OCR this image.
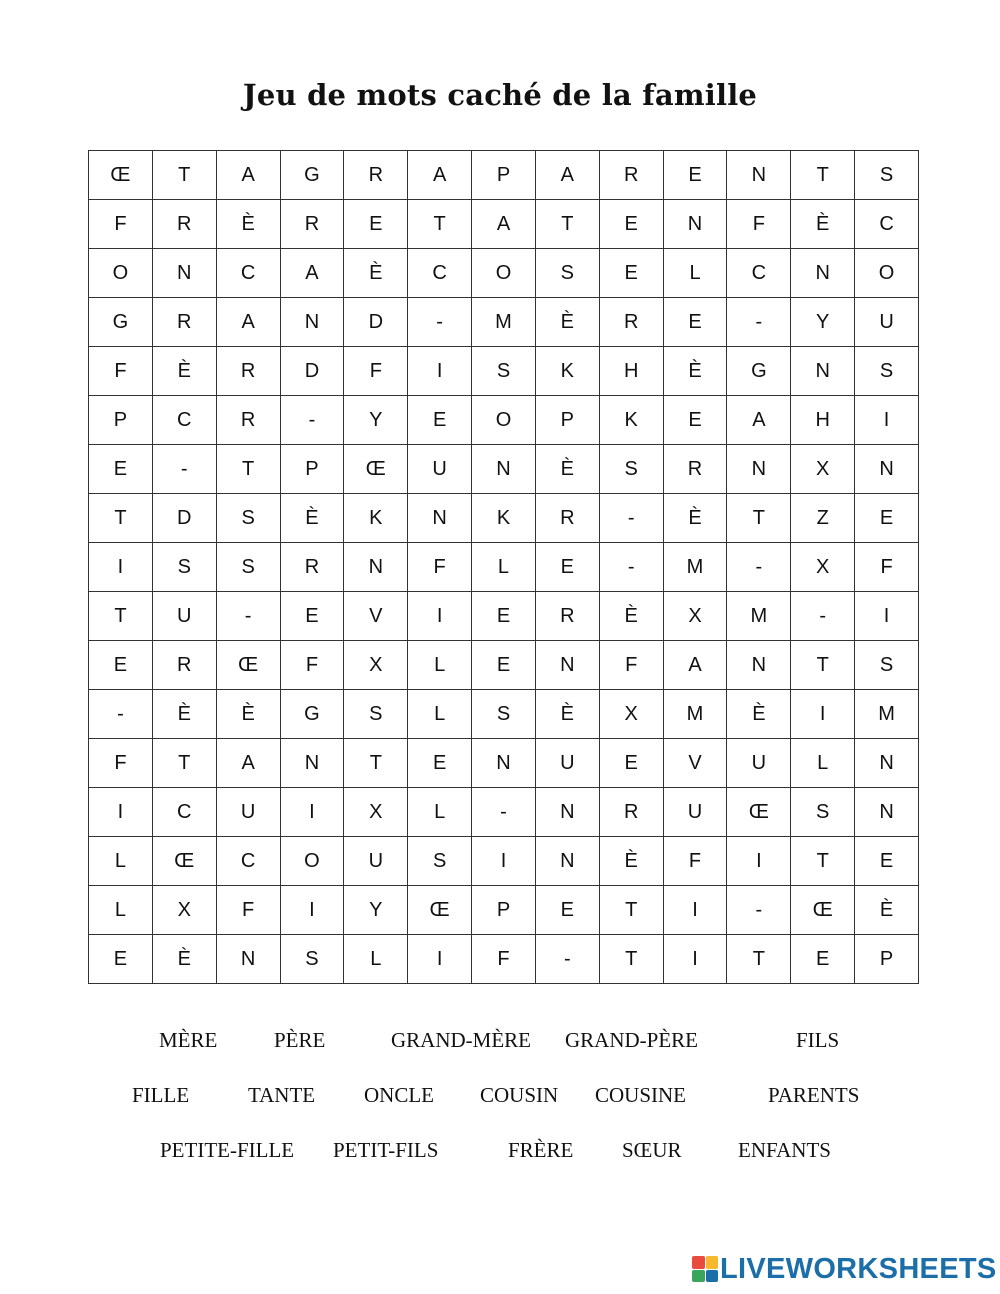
Jeu de mots caché de la famille
Œ	T	A	G	R	A	P	A	R	E	N	T	S
F	R	È	R	E	T	A	T	E	N	F	È	C
O	N	C	A	È	C	O	S	E	L	C	N	O
G	R	A	N	D	-	M	È	R	E	-	Y	U
F	È	R	D	F	I	S	K	H	È	G	N	S
P	C	R	-	Y	E	O	P	K	E	A	H	I
E	-	T	P	Œ	U	N	È	S	R	N	X	N
T	D	S	È	K	N	K	R	-	È	T	Z	E
I	S	S	R	N	F	L	E	-	M	-	X	F
T	U	-	E	V	I	E	R	È	X	M	-	I
E	R	Œ	F	X	L	E	N	F	A	N	T	S
-	È	È	G	S	L	S	È	X	M	È	I	M
F	T	A	N	T	E	N	U	E	V	U	L	N
I	C	U	I	X	L	-	N	R	U	Œ	S	N
L	Œ	C	O	U	S	I	N	È	F	I	T	E
L	X	F	I	Y	Œ	P	E	T	I	-	Œ	È
E	È	N	S	L	I	F	-	T	I	T	E	P
MÈRE	PÈRE	GRAND-MÈRE GRAND-PÈRE	FILS
FILLE	TANTE ONCLE COUSIN COUSINE	PARENTS
PETITE-FILLE PETIT-FILS	FRÈRE SŒUR	ENFANTS
LIVEWORKSHEETS
